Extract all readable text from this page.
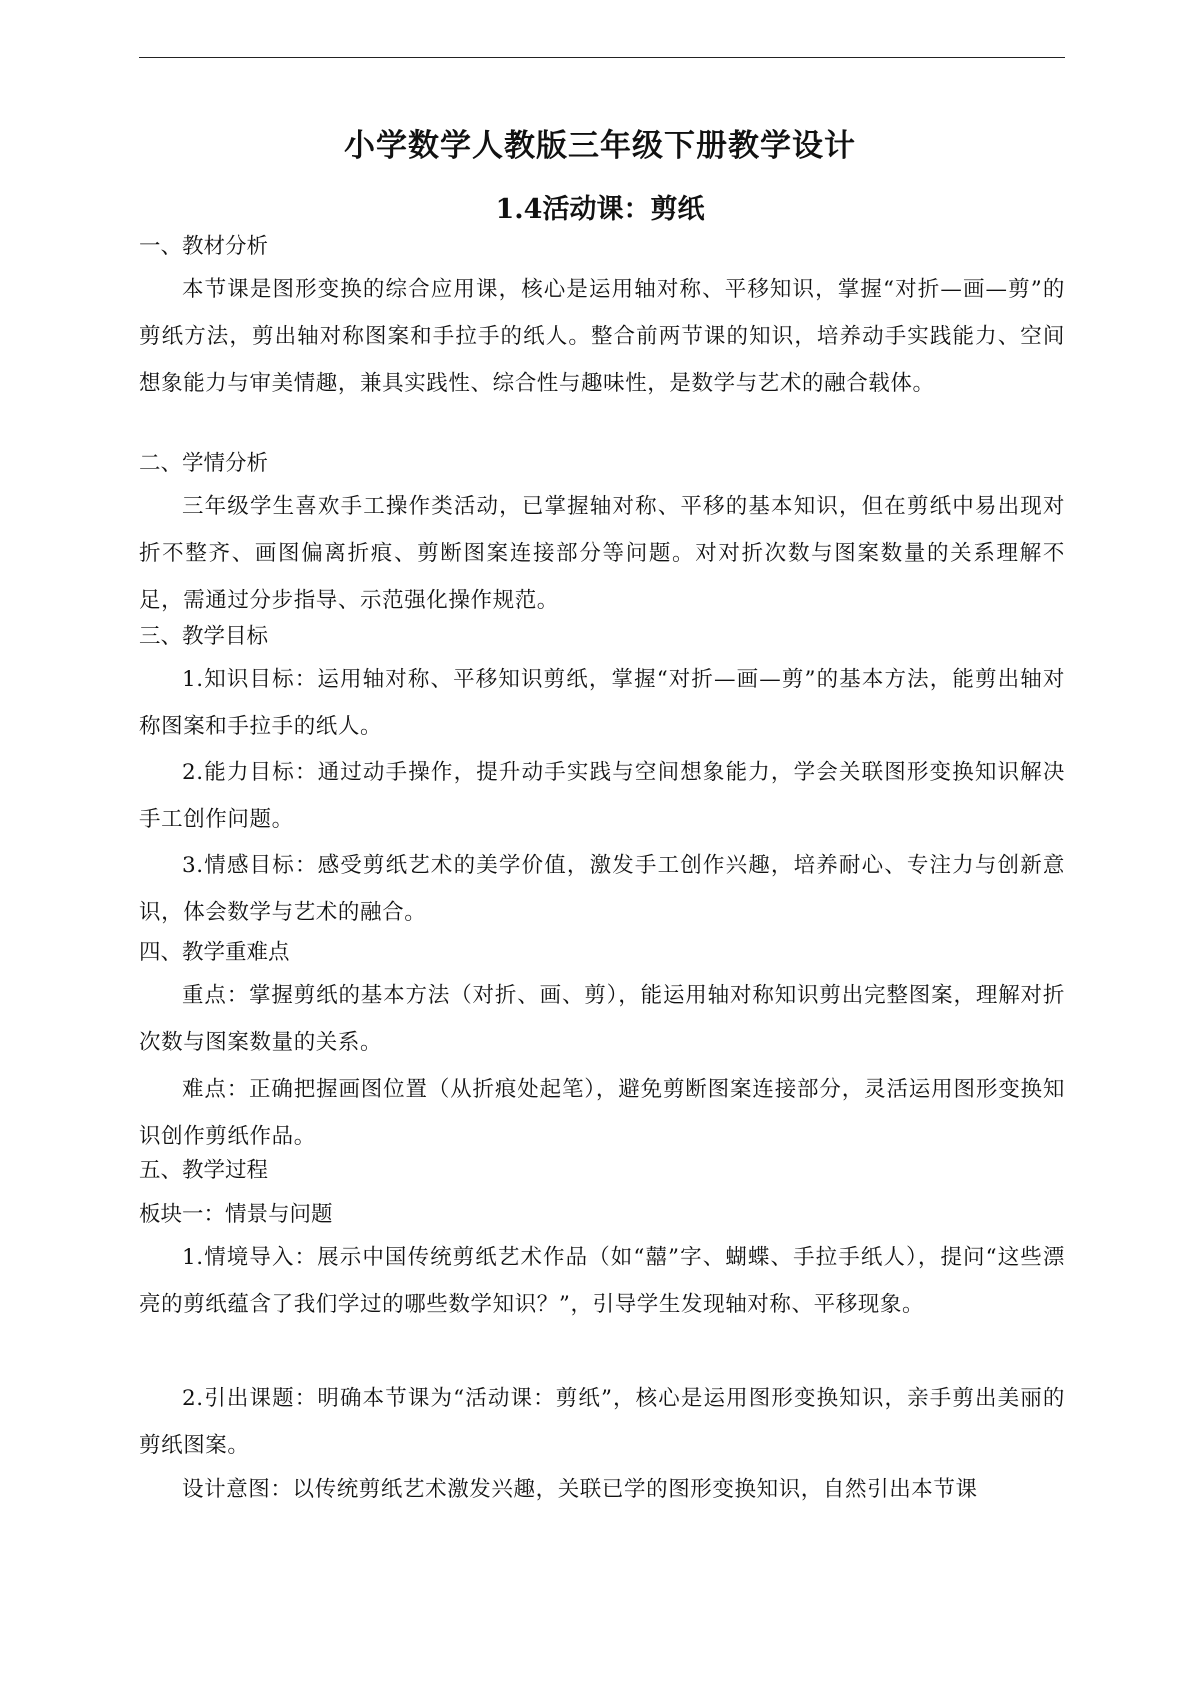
小学数学人教版三年级下册教学设计
1.4活动课：剪纸
一、教材分析
本节课是图形变换的综合应用课，核心是运用轴对称、平移知识，掌握“对折—画—剪”的剪纸方法，剪出轴对称图案和手拉手的纸人。整合前两节课的知识，培养动手实践能力、空间想象能力与审美情趣，兼具实践性、综合性与趣味性，是数学与艺术的融合载体。
二、学情分析
三年级学生喜欢手工操作类活动，已掌握轴对称、平移的基本知识，但在剪纸中易出现对折不整齐、画图偏离折痕、剪断图案连接部分等问题。对对折次数与图案数量的关系理解不足，需通过分步指导、示范强化操作规范。
三、教学目标
1.知识目标：运用轴对称、平移知识剪纸，掌握“对折—画—剪”的基本方法，能剪出轴对称图案和手拉手的纸人。
2.能力目标：通过动手操作，提升动手实践与空间想象能力，学会关联图形变换知识解决手工创作问题。
3.情感目标：感受剪纸艺术的美学价值，激发手工创作兴趣，培养耐心、专注力与创新意识，体会数学与艺术的融合。
四、教学重难点
重点：掌握剪纸的基本方法（对折、画、剪），能运用轴对称知识剪出完整图案，理解对折次数与图案数量的关系。
难点：正确把握画图位置（从折痕处起笔），避免剪断图案连接部分，灵活运用图形变换知识创作剪纸作品。
五、教学过程
板块一：情景与问题
1.情境导入：展示中国传统剪纸艺术作品（如“囍”字、蝴蝶、手拉手纸人），提问“这些漂亮的剪纸蕴含了我们学过的哪些数学知识？”，引导学生发现轴对称、平移现象。
2.引出课题：明确本节课为“活动课：剪纸”，核心是运用图形变换知识，亲手剪出美丽的剪纸图案。
设计意图：以传统剪纸艺术激发兴趣，关联已学的图形变换知识，自然引出本节课
